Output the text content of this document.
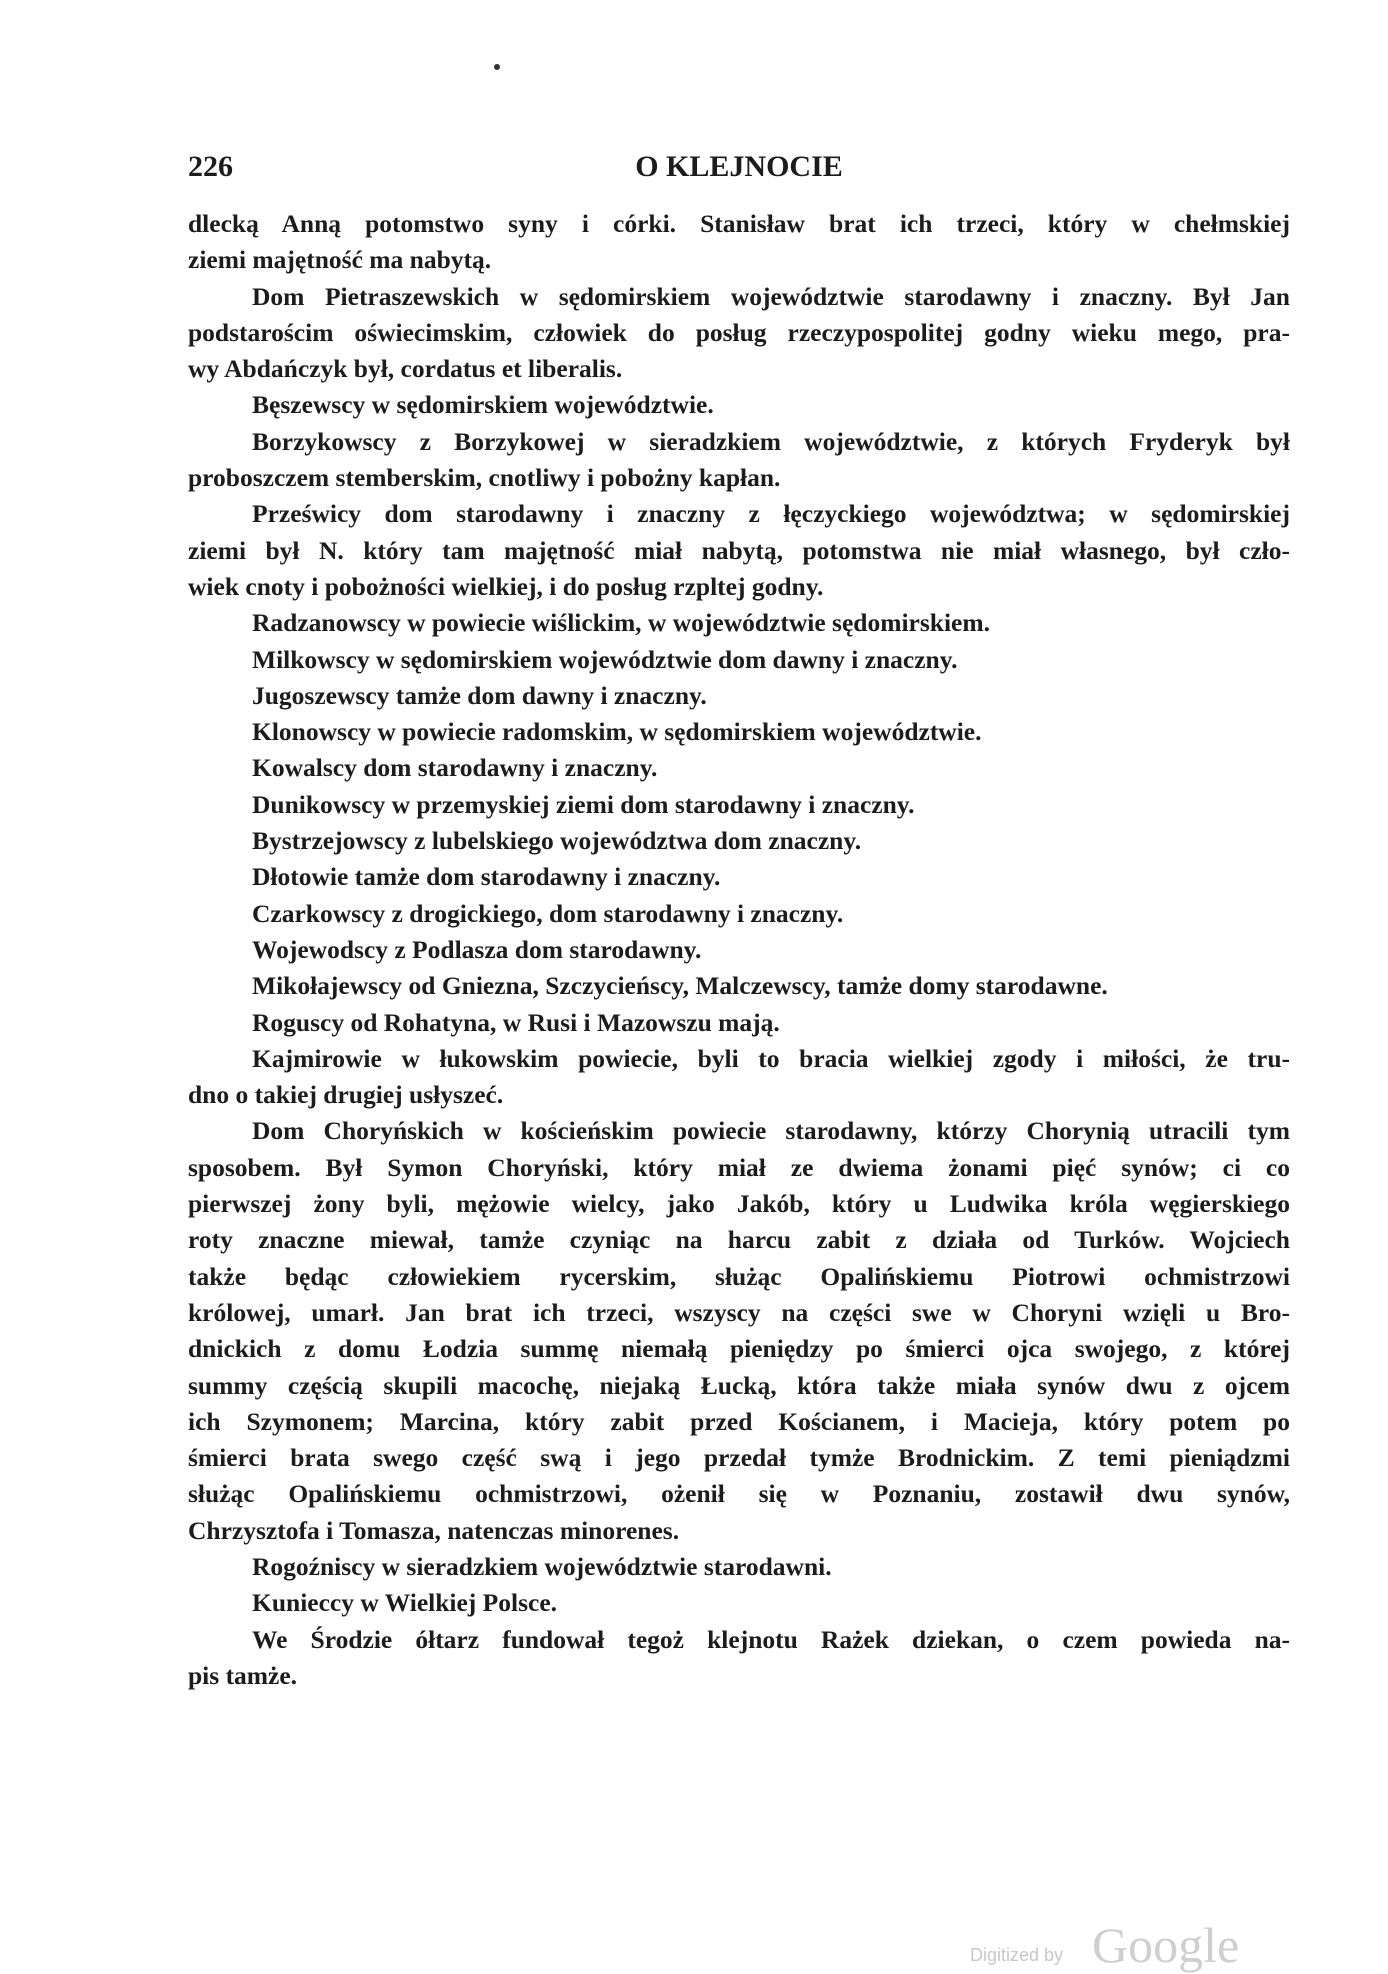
226	O KLEJNOCIE
dlecką Anną potomstwo syny i córki. Stanisław brat ich trzeci, który w chełmskiej
ziemi majętność ma nabytą.
Dom Pietraszewskich w sędomirskiem województwie starodawny i znaczny. Był Jan
podstarościm oświecimskim, człowiek do posług rzeczypospolitej godny wieku mego, pra-
wy Abdańczyk był, cordatus et liberalis.
Bęszewscy w sędomirskiem województwie.
Borzykowscy z Borzykowej w sieradzkiem województwie, z których Fryderyk był
proboszczem stemberskim, cnotliwy i pobożny kapłan.
Prześwicy dom starodawny i znaczny z łęczyckiego województwa; w sędomirskiej
ziemi był N. który tam majętność miał nabytą, potomstwa nie miał własnego, był czło-
wiek cnoty i pobożności wielkiej, i do posług rzpltej godny.
Radzanowscy w powiecie wiślickim, w województwie sędomirskiem.
Milkowscy w sędomirskiem województwie dom dawny i znaczny.
Jugoszewscy tamże dom dawny i znaczny.
Klonowscy w powiecie radomskim, w sędomirskiem województwie.
Kowalscy dom starodawny i znaczny.
Dunikowscy w przemyskiej ziemi dom starodawny i znaczny.
Bystrzejowscy z lubelskiego województwa dom znaczny.
Dłotowie tamże dom starodawny i znaczny.
Czarkowscy z drogickiego, dom starodawny i znaczny.
Wojewodscy z Podlasza dom starodawny.
Mikołajewscy od Gniezna, Szczycieńscy, Malczewscy, tamże domy starodawne.
Roguscy od Rohatyna, w Rusi i Mazowszu mają.
Kajmirowie w łukowskim powiecie, byli to bracia wielkiej zgody i miłości, że tru-
dno o takiej drugiej usłyszeć.
Dom Choryńskich w kościeńskim powiecie starodawny, którzy Chorynią utracili tym
sposobem. Był Symon Choryński, który miał ze dwiema żonami pięć synów; ci co
pierwszej żony byli, mężowie wielcy, jako Jakób, który u Ludwika króla węgierskiego
roty znaczne miewał, tamże czyniąc na harcu zabit z działa od Turków. Wojciech
także będąc człowiekiem rycerskim, służąc Opalińskiemu Piotrowi ochmistrzowi
królowej, umarł. Jan brat ich trzeci, wszyscy na części swe w Choryni wzięli u Bro-
dnickich z domu Łodzia summę niemałą pieniędzy po śmierci ojca swojego, z której
summy częścią skupili macochę, niejaką Łucką, która także miała synów dwu z ojcem
ich Szymonem; Marcina, który zabit przed Kościanem, i Macieja, który potem po
śmierci brata swego część swą i jego przedał tymże Brodnickim. Z temi pieniądzmi
służąc Opalińskiemu ochmistrzowi, ożenił się w Poznaniu, zostawił dwu synów,
Chrzysztofa i Tomasza, natenczas minorenes.
Rogoźniscy w sieradzkiem województwie starodawni.
Kunieccy w Wielkiej Polsce.
We Środzie ółtarz fundował tegoż klejnotu Rażek dziekan, o czem powieda na-
pis tamże.
Digitized by Google
